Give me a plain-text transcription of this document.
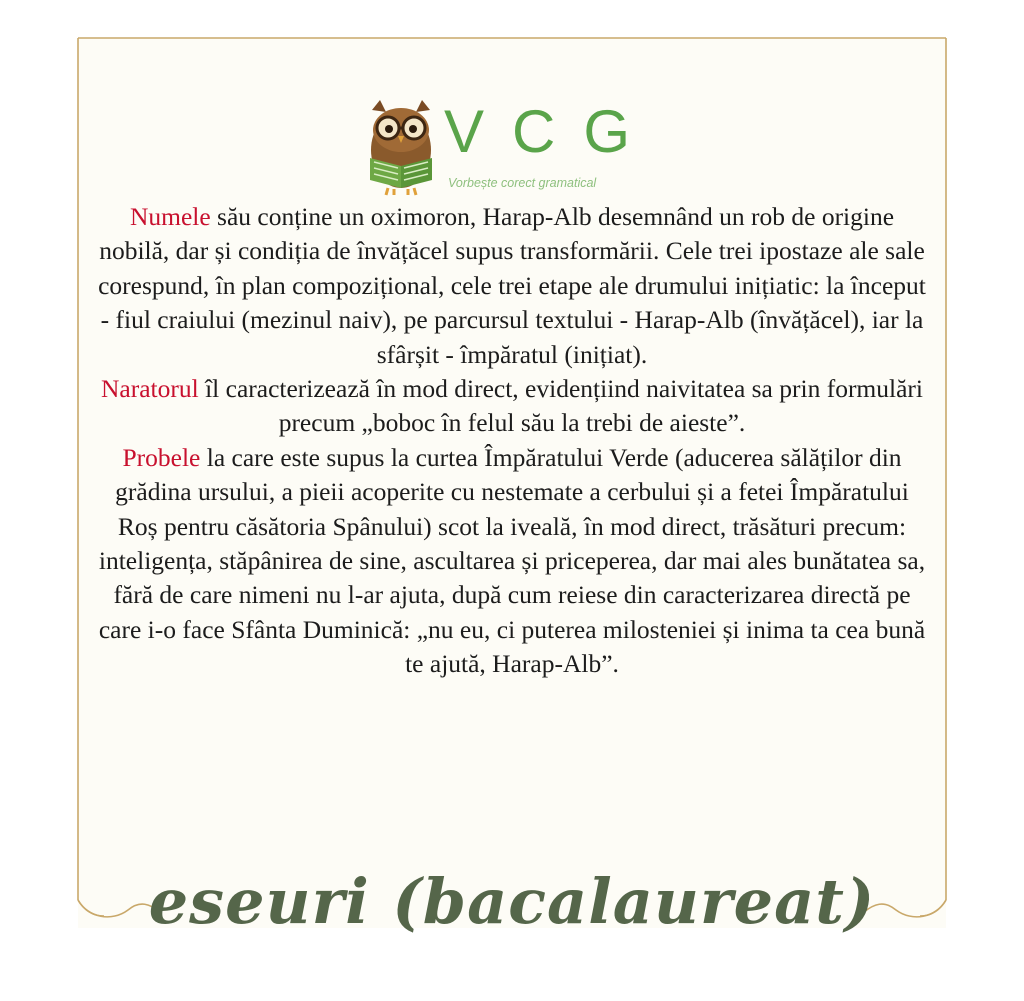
VCG
Vorbește corect gramatical

Numele său conține un oximoron, Harap-Alb desemnând un rob de origine nobilă, dar și condiția de învățăcel supus transformării. Cele trei ipostaze ale sale corespund, în plan compozițional, cele trei etape ale drumului inițiatic: la început - fiul craiului (mezinul naiv), pe parcursul textului - Harap-Alb (învățăcel), iar la sfârșit - împăratul (inițiat).

Naratorul îl caracterizează în mod direct, evidențiind naivitatea sa prin formulări precum „boboc în felul său la trebi de aieste”.

Probele la care este supus la curtea Împăratului Verde (aducerea sălăților din grădina ursului, a pieii acoperite cu nestemate a cerbului și a fetei Împăratului Roș pentru căsătoria Spânului) scot la iveală, în mod direct, trăsături precum: inteligența, stăpânirea de sine, ascultarea și priceperea, dar mai ales bunătatea sa, fără de care nimeni nu l-ar ajuta, după cum reiese din caracterizarea directă pe care i-o face Sfânta Duminică: „nu eu, ci puterea milosteniei și inima ta cea bună te ajută, Harap-Alb”.

eseuri (bacalaureat)
